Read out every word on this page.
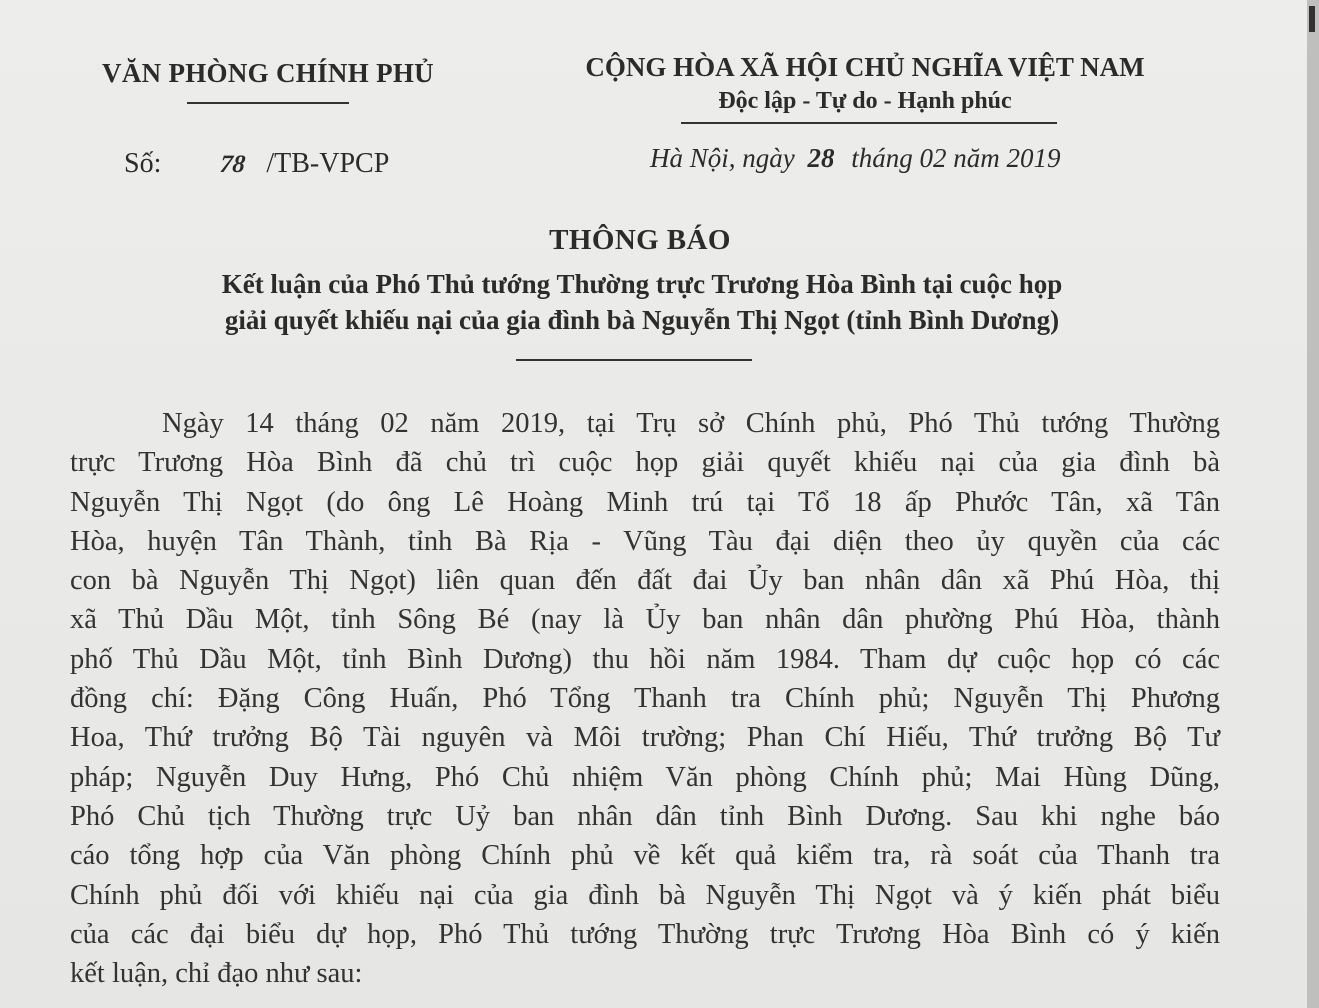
VĂN PHÒNG CHÍNH PHỦ	CỘNG HÒA XÃ HỘI CHỦ NGHĨA VIỆT NAM
Độc lập - Tự do - Hạnh phúc
Số: 78 /TB-VPCP	Hà Nội, ngày 28 tháng 02 năm 2019
THÔNG BÁO
Kết luận của Phó Thủ tướng Thường trực Trương Hòa Bình tại cuộc họp
giải quyết khiếu nại của gia đình bà Nguyễn Thị Ngọt (tỉnh Bình Dương)
Ngày 14 tháng 02 năm 2019, tại Trụ sở Chính phủ, Phó Thủ tướng Thường
trực Trương Hòa Bình đã chủ trì cuộc họp giải quyết khiếu nại của gia đình bà
Nguyễn Thị Ngọt (do ông Lê Hoàng Minh trú tại Tổ 18 ấp Phước Tân, xã Tân
Hòa, huyện Tân Thành, tỉnh Bà Rịa - Vũng Tàu đại diện theo ủy quyền của các
con bà Nguyễn Thị Ngọt) liên quan đến đất đai Ủy ban nhân dân xã Phú Hòa, thị
xã Thủ Dầu Một, tỉnh Sông Bé (nay là Ủy ban nhân dân phường Phú Hòa, thành
phố Thủ Dầu Một, tỉnh Bình Dương) thu hồi năm 1984. Tham dự cuộc họp có các
đồng chí: Đặng Công Huấn, Phó Tổng Thanh tra Chính phủ; Nguyễn Thị Phương
Hoa, Thứ trưởng Bộ Tài nguyên và Môi trường; Phan Chí Hiếu, Thứ trưởng Bộ Tư
pháp; Nguyễn Duy Hưng, Phó Chủ nhiệm Văn phòng Chính phủ; Mai Hùng Dũng,
Phó Chủ tịch Thường trực Uỷ ban nhân dân tỉnh Bình Dương. Sau khi nghe báo
cáo tổng hợp của Văn phòng Chính phủ về kết quả kiểm tra, rà soát của Thanh tra
Chính phủ đối với khiếu nại của gia đình bà Nguyễn Thị Ngọt và ý kiến phát biểu
của các đại biểu dự họp, Phó Thủ tướng Thường trực Trương Hòa Bình có ý kiến
kết luận, chỉ đạo như sau:
